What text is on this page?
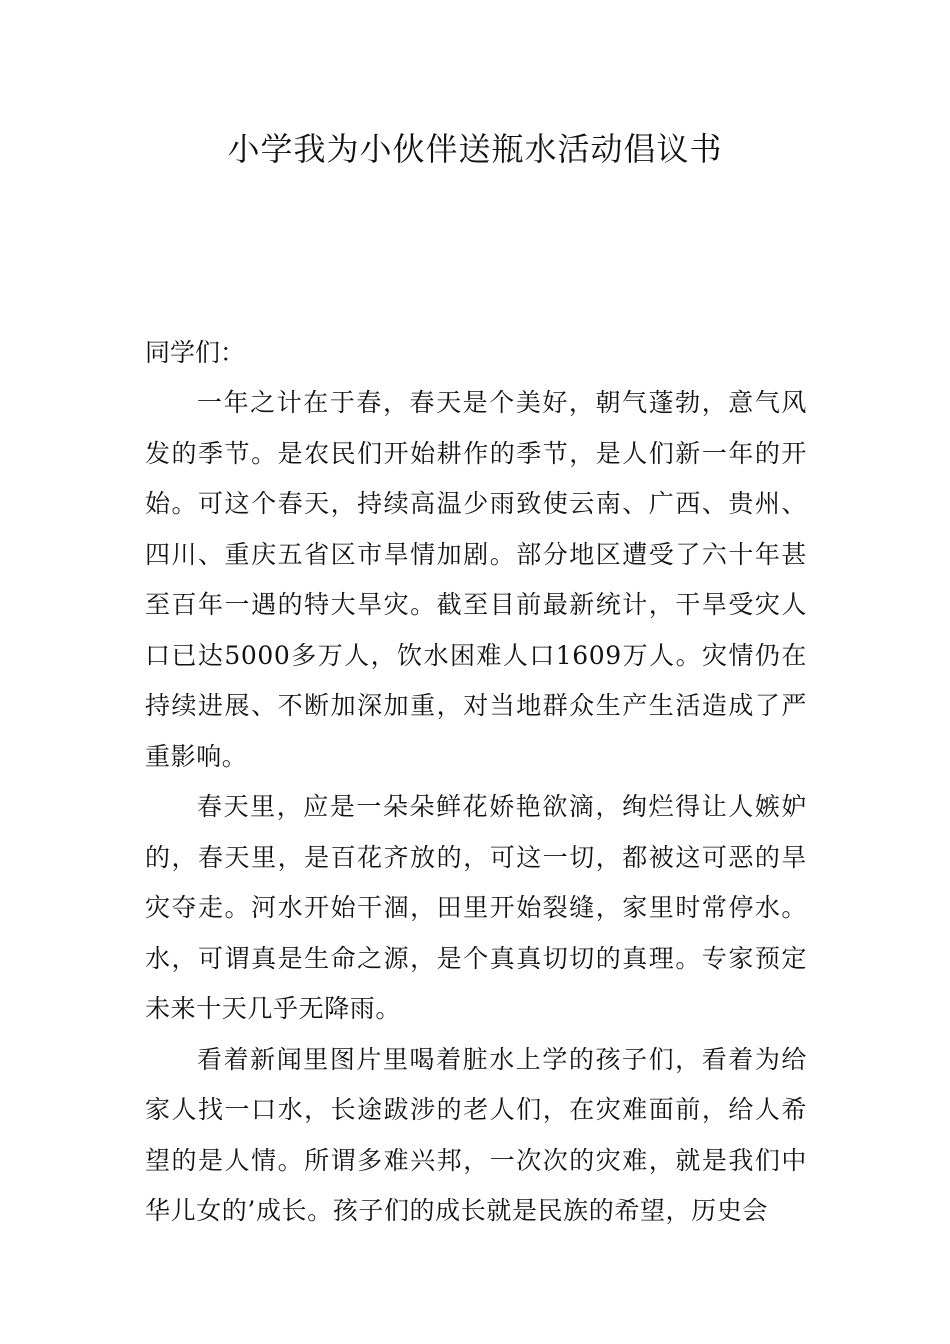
小学我为小伙伴送瓶水活动倡议书

同学们：

一年之计在于春，春天是个美好，朝气蓬勃，意气风发的季节。是农民们开始耕作的季节，是人们新一年的开始。可这个春天，持续高温少雨致使云南、广西、贵州、四川、重庆五省区市旱情加剧。部分地区遭受了六十年甚至百年一遇的特大旱灾。截至目前最新统计，干旱受灾人口已达5000多万人，饮水困难人口1609万人。灾情仍在持续进展、不断加深加重，对当地群众生产生活造成了严重影响。

春天里，应是一朵朵鲜花娇艳欲滴，绚烂得让人嫉妒的，春天里，是百花齐放的，可这一切，都被这可恶的旱灾夺走。河水开始干涸，田里开始裂缝，家里时常停水。水，可谓真是生命之源，是个真真切切的真理。专家预定未来十天几乎无降雨。

看着新闻里图片里喝着脏水上学的孩子们，看着为给家人找一口水，长途跋涉的老人们，在灾难面前，给人希望的是人情。所谓多难兴邦，一次次的灾难，就是我们中华儿女的’成长。孩子们的成长就是民族的希望，历史会
